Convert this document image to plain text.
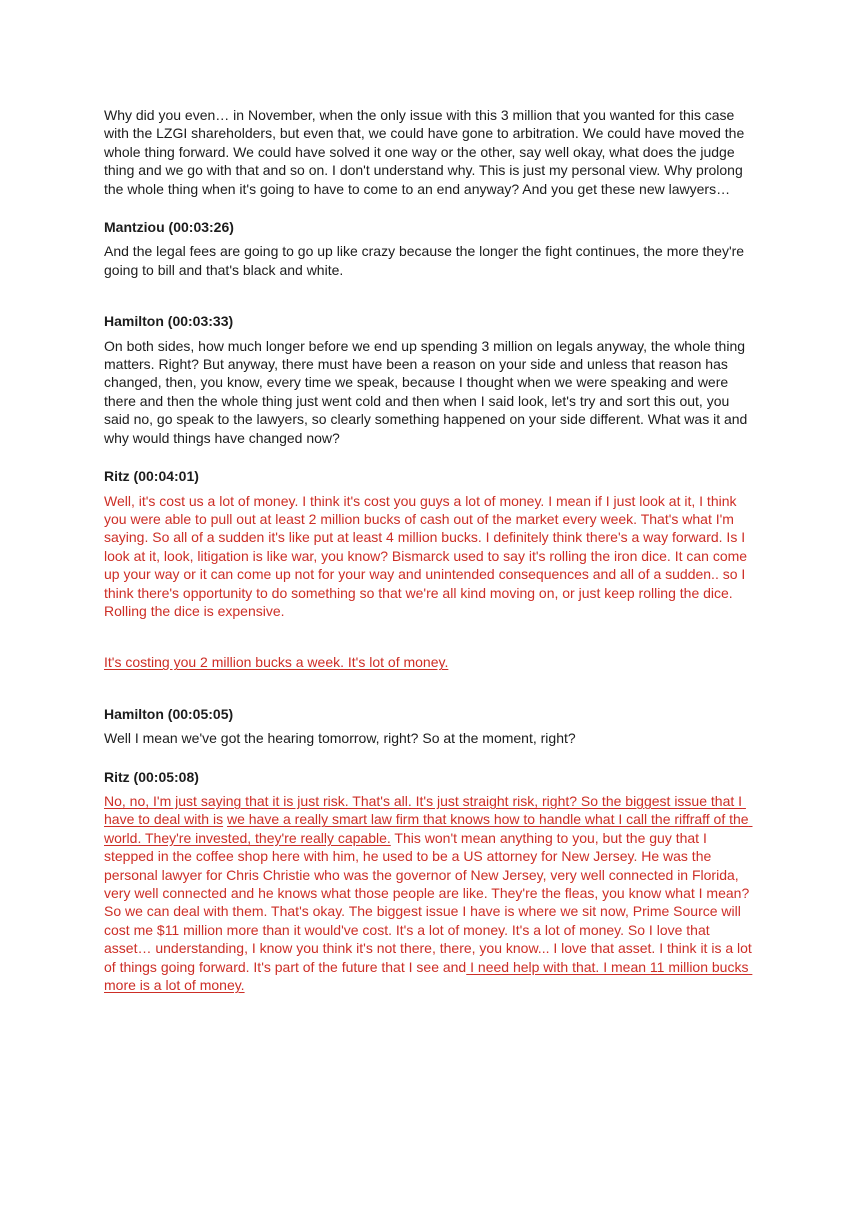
Why did you even… in November, when the only issue with this 3 million that you wanted for this case with the LZGI shareholders, but even that, we could have gone to arbitration. We could have moved the whole thing forward. We could have solved it one way or the other, say well okay, what does the judge thing and we go with that and so on. I don't understand why. This is just my personal view. Why prolong the whole thing when it's going to have to come to an end anyway? And you get these new lawyers…
Mantziou (00:03:26)
And the legal fees are going to go up like crazy because the longer the fight continues, the more they're going to bill and that's black and white.
Hamilton (00:03:33)
On both sides, how much longer before we end up spending 3 million on legals anyway, the whole thing matters. Right? But anyway, there must have been a reason on your side and unless that reason has changed, then, you know, every time we speak, because I thought when we were speaking and were there and then the whole thing just went cold and then when I said look, let's try and sort this out, you said no, go speak to the lawyers, so clearly something happened on your side different. What was it and why would things have changed now?
Ritz (00:04:01)
Well, it's cost us a lot of money. I think it's cost you guys a lot of money. I mean if I just look at it, I think you were able to pull out at least 2 million bucks of cash out of the market every week. That's what I'm saying. So all of a sudden it's like put at least 4 million bucks. I definitely think there's a way forward. Is I look at it, look, litigation is like war, you know? Bismarck used to say it's rolling the iron dice. It can come up your way or it can come up not for your way and unintended consequences and all of a sudden.. so I think there's opportunity to do something so that we're all kind moving on, or just keep rolling the dice. Rolling the dice is expensive.
It's costing you 2 million bucks a week. It's lot of money.
Hamilton (00:05:05)
Well I mean we've got the hearing tomorrow, right? So at the moment, right?
Ritz (00:05:08)
No, no, I'm just saying that it is just risk. That's all. It's just straight risk, right? So the biggest issue that I have to deal with is we have a really smart law firm that knows how to handle what I call the riffraff of the world. They're invested, they're really capable. This won't mean anything to you, but the guy that I stepped in the coffee shop here with him, he used to be a US attorney for New Jersey. He was the personal lawyer for Chris Christie who was the governor of New Jersey, very well connected in Florida, very well connected and he knows what those people are like. They're the fleas, you know what I mean? So we can deal with them. That's okay. The biggest issue I have is where we sit now, Prime Source will cost me $11 million more than it would've cost. It's a lot of money. It's a lot of money. So I love that asset… understanding, I know you think it's not there, there, you know... I love that asset. I think it is a lot of things going forward. It's part of the future that I see and I need help with that. I mean 11 million bucks more is a lot of money.
